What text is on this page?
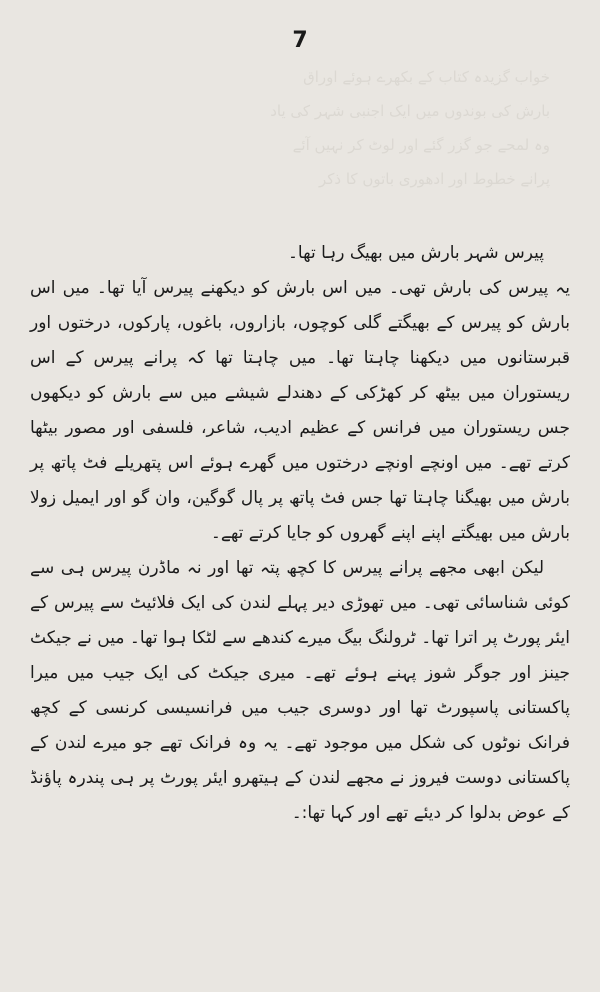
7
خواب گزیدہ کتاب کے بکھرے ہوئے اوراق
بارش کی بوندوں میں ایک اجنبی شہر کی یاد
وہ لمحے جو گزر گئے اور لوٹ کر نہیں آئے
پرانے خطوط اور ادھوری باتوں کا ذکر

پیرس شہر بارش میں بھیگ رہا تھا۔

یہ پیرس کی بارش تھی۔ میں اس بارش کو دیکھنے پیرس آیا تھا۔ میں اس بارش کو پیرس کے بھیگتے گلی کوچوں، بازاروں، باغوں، پارکوں، درختوں اور قبرستانوں میں دیکھنا چاہتا تھا۔ میں چاہتا تھا کہ پرانے پیرس کے اس ریستوران میں بیٹھ کر کھڑکی کے دھندلے شیشے میں سے بارش کو دیکھوں جس ریستوران میں فرانس کے عظیم ادیب، شاعر، فلسفی اور مصور بیٹھا کرتے تھے۔ میں اونچے اونچے درختوں میں گھرے ہوئے اس پتھریلے فٹ پاتھ پر بارش میں بھیگنا چاہتا تھا جس فٹ پاتھ پر پال گوگین، وان گو اور ایمیل زولا بارش میں بھیگتے اپنے اپنے گھروں کو جایا کرتے تھے۔

لیکن ابھی مجھے پرانے پیرس کا کچھ پتہ تھا اور نہ ماڈرن پیرس ہی سے کوئی شناسائی تھی۔ میں تھوڑی دیر پہلے لندن کی ایک فلائیٹ سے پیرس کے ایئر پورٹ پر اترا تھا۔ ٹرولنگ بیگ میرے کندھے سے لٹکا ہوا تھا۔ میں نے جیکٹ جینز اور جوگر شوز پہنے ہوئے تھے۔ میری جیکٹ کی ایک جیب میں میرا پاکستانی پاسپورٹ تھا اور دوسری جیب میں فرانسیسی کرنسی کے کچھ فرانک نوٹوں کی شکل میں موجود تھے۔ یہ وہ فرانک تھے جو میرے لندن کے پاکستانی دوست فیروز نے مجھے لندن کے ہیتھرو ایئر پورٹ پر ہی پندرہ پاؤنڈ کے عوض بدلوا کر دیئے تھے اور کہا تھا:۔
